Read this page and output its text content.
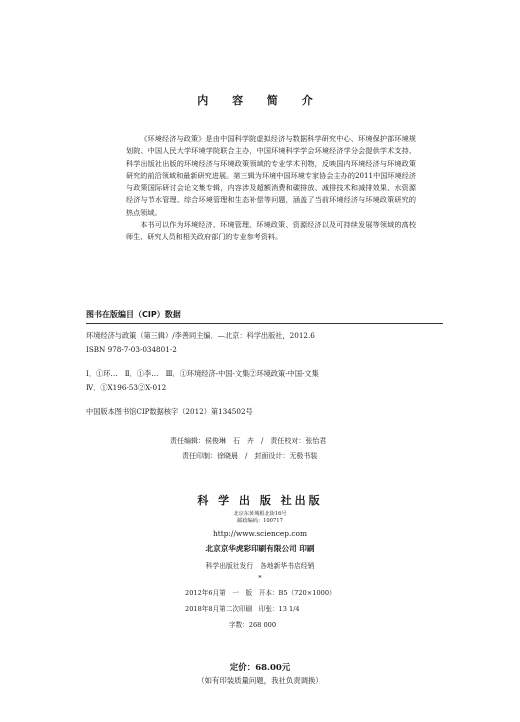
内 容 简 介

《环境经济与政策》是由中国科学院虚拟经济与数据科学研究中心、环境保护部环境规划院、中国人民大学环境学院联合主办，中国环境科学学会环境经济学分会提供学术支持、科学出版社出版的环境经济与环境政策领域的专业学术刊物，反映国内环境经济与环境政策研究的前沿领域和最新研究进展。第三辑为环境中国环境专家协会主办的2011中国环境经济与政策国际研讨会论文集专辑，内容涉及超额消费和碳排放、减排技术和减排效果、水资源经济与节水管理、综合环境管理和生态补偿等问题，涵盖了当前环境经济与环境政策研究的热点领域。

本书可以作为环境经济、环境管理、环境政策、资源经济以及可持续发展等领域的高校师生、研究人员和相关政府部门的专业参考资料。

图书在版编目（CIP）数据
环境经济与政策（第三辑）/李善同主编．—北京：科学出版社，2012.6
ISBN 978-7-03-034801-2
Ⅰ．①环…　Ⅱ．①李…　Ⅲ．①环境经济-中国-文集②环境政策-中国-文集
Ⅳ．①X196-53②X-012
中国版本图书馆CIP数据核字（2012）第134502号
责任编辑：侯俊琳　石　卉　/　责任校对：张怡君
责任印制：徐晓晨　/　封面设计：无极书装
科 学 出 版 社出版
北京东黄城根北街16号
邮政编码：100717
http://www.sciencep.com
北京京华虎彩印刷有限公司 印刷
科学出版社发行　各地新华书店经销
*
2012年6月第　一　版　开本：B5（720×1000）
2018年8月第二次印刷　印张：13 1/4
字数：268 000
定价：68.00元
（如有印装质量问题，我社负责调换）
